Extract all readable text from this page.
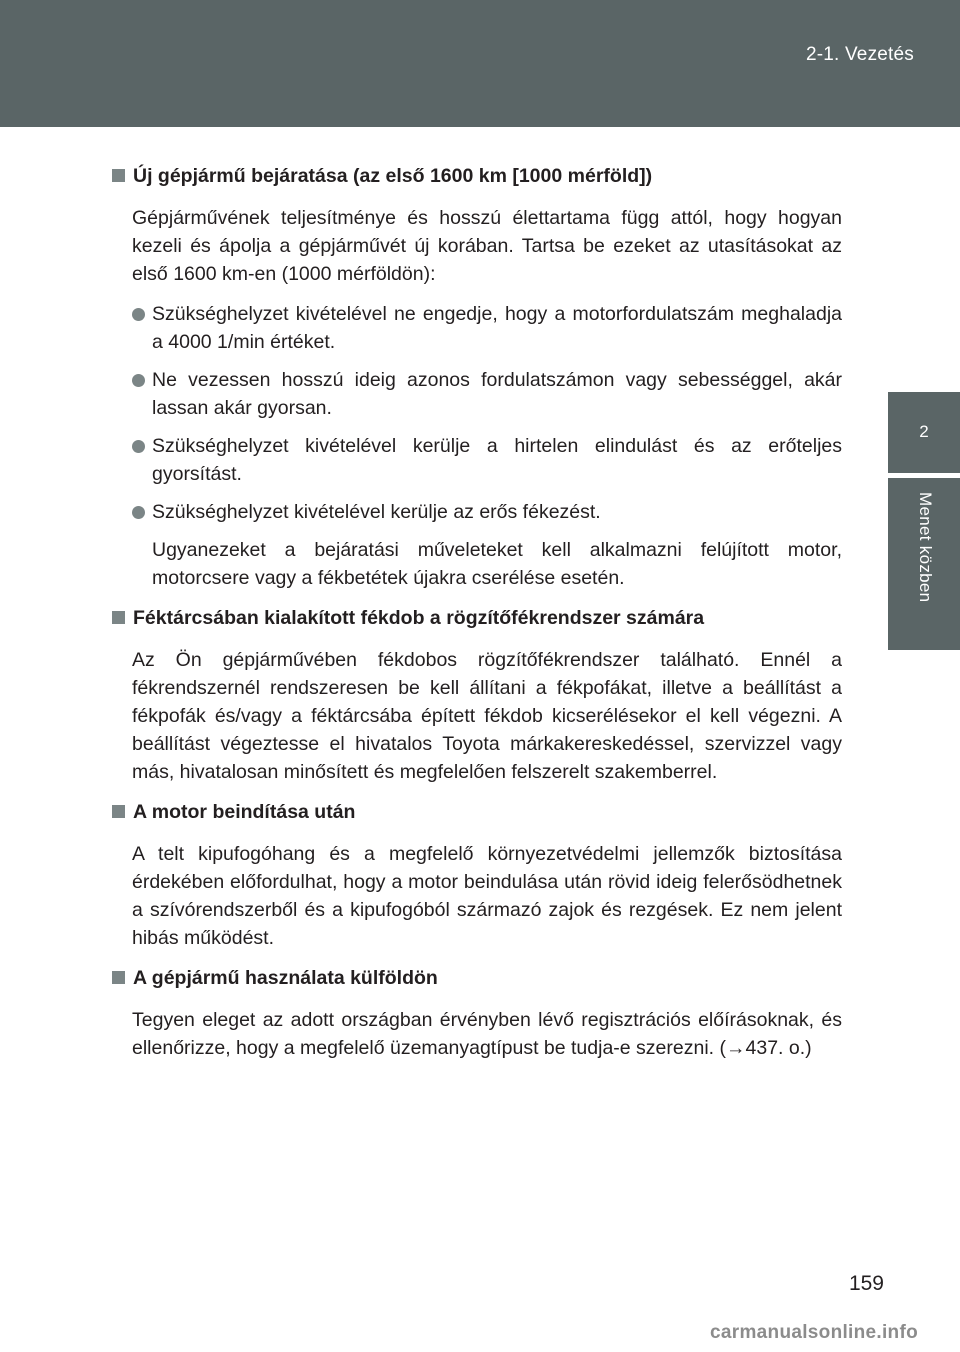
2-1. Vezetés
2
Menet közben
Új gépjármű bejáratása (az első 1600 km [1000 mérföld])
Gépjárművének teljesítménye és hosszú élettartama függ attól, hogy hogyan kezeli és ápolja a gépjárművét új korában. Tartsa be ezeket az utasításokat az első 1600 km-en (1000 mérföldön):
Szükséghelyzet kivételével ne engedje, hogy a motorfordulatszám meghaladja a 4000 1/min értéket.
Ne vezessen hosszú ideig azonos fordulatszámon vagy sebességgel, akár lassan akár gyorsan.
Szükséghelyzet kivételével kerülje a hirtelen elindulást és az erőteljes gyorsítást.
Szükséghelyzet kivételével kerülje az erős fékezést.
Ugyanezeket a bejáratási műveleteket kell alkalmazni felújított motor, motorcsere vagy a fékbetétek újakra cserélése esetén.
Féktárcsában kialakított fékdob a rögzítőfékrendszer számára
Az Ön gépjárművében fékdobos rögzítőfékrendszer található. Ennél a fékrendszernél rendszeresen be kell állítani a fékpofákat, illetve a beállítást a fékpofák és/vagy a féktárcsába épített fékdob kicserélésekor el kell végezni. A beállítást végeztesse el hivatalos Toyota márkakereskedéssel, szervizzel vagy más, hivatalosan minősített és megfelelően felszerelt szakemberrel.
A motor beindítása után
A telt kipufogóhang és a megfelelő környezetvédelmi jellemzők biztosítása érdekében előfordulhat, hogy a motor beindulása után rövid ideig felerősödhetnek a szívórendszerből és a kipufogóból származó zajok és rezgések. Ez nem jelent hibás működést.
A gépjármű használata külföldön
Tegyen eleget az adott országban érvényben lévő regisztrációs előírásoknak, és ellenőrizze, hogy a megfelelő üzemanyagtípust be tudja-e szerezni. (→437. o.)
159
carmanualsonline.info
